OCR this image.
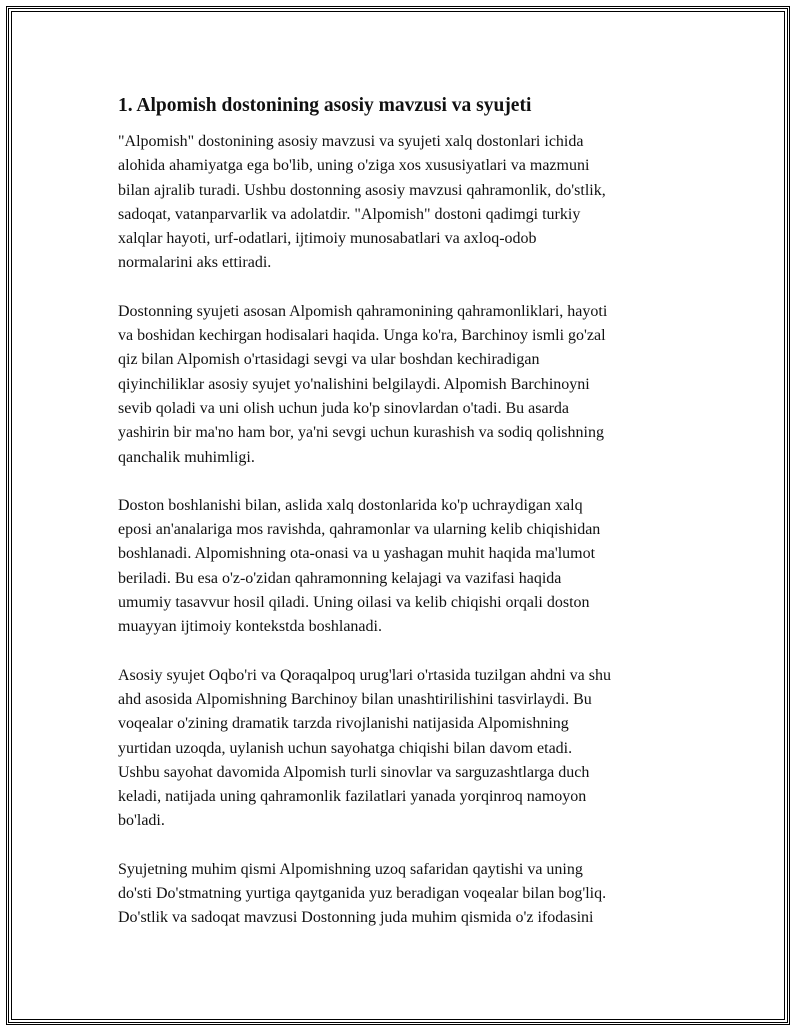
1. Alpomish dostonining asosiy mavzusi va syujeti

"Alpomish" dostonining asosiy mavzusi va syujeti xalq dostonlari ichida
alohida ahamiyatga ega bo'lib, uning o'ziga xos xususiyatlari va mazmuni
bilan ajralib turadi. Ushbu dostonning asosiy mavzusi qahramonlik, do'stlik,
sadoqat, vatanparvarlik va adolatdir. "Alpomish" dostoni qadimgi turkiy
xalqlar hayoti, urf-odatlari, ijtimoiy munosabatlari va axloq-odob
normalarini aks ettiradi.

Dostonning syujeti asosan Alpomish qahramonining qahramonliklari, hayoti
va boshidan kechirgan hodisalari haqida. Unga ko'ra, Barchinoy ismli go'zal
qiz bilan Alpomish o'rtasidagi sevgi va ular boshdan kechiradigan
qiyinchiliklar asosiy syujet yo'nalishini belgilaydi. Alpomish Barchinoyni
sevib qoladi va uni olish uchun juda ko'p sinovlardan o'tadi. Bu asarda
yashirin bir ma'no ham bor, ya'ni sevgi uchun kurashish va sodiq qolishning
qanchalik muhimligi.

Doston boshlanishi bilan, aslida xalq dostonlarida ko'p uchraydigan xalq
eposi an'analariga mos ravishda, qahramonlar va ularning kelib chiqishidan
boshlanadi. Alpomishning ota-onasi va u yashagan muhit haqida ma'lumot
beriladi. Bu esa o'z-o'zidan qahramonning kelajagi va vazifasi haqida
umumiy tasavvur hosil qiladi. Uning oilasi va kelib chiqishi orqali doston
muayyan ijtimoiy kontekstda boshlanadi.

Asosiy syujet Oqbo'ri va Qoraqalpoq urug'lari o'rtasida tuzilgan ahdni va shu
ahd asosida Alpomishning Barchinoy bilan unashtirilishini tasvirlaydi. Bu
voqealar o'zining dramatik tarzda rivojlanishi natijasida Alpomishning
yurtidan uzoqda, uylanish uchun sayohatga chiqishi bilan davom etadi.
Ushbu sayohat davomida Alpomish turli sinovlar va sarguzashtlarga duch
keladi, natijada uning qahramonlik fazilatlari yanada yorqinroq namoyon
bo'ladi.

Syujetning muhim qismi Alpomishning uzoq safaridan qaytishi va uning
do'sti Do'stmatning yurtiga qaytganida yuz beradigan voqealar bilan bog'liq.
Do'stlik va sadoqat mavzusi Dostonning juda muhim qismida o'z ifodasini
